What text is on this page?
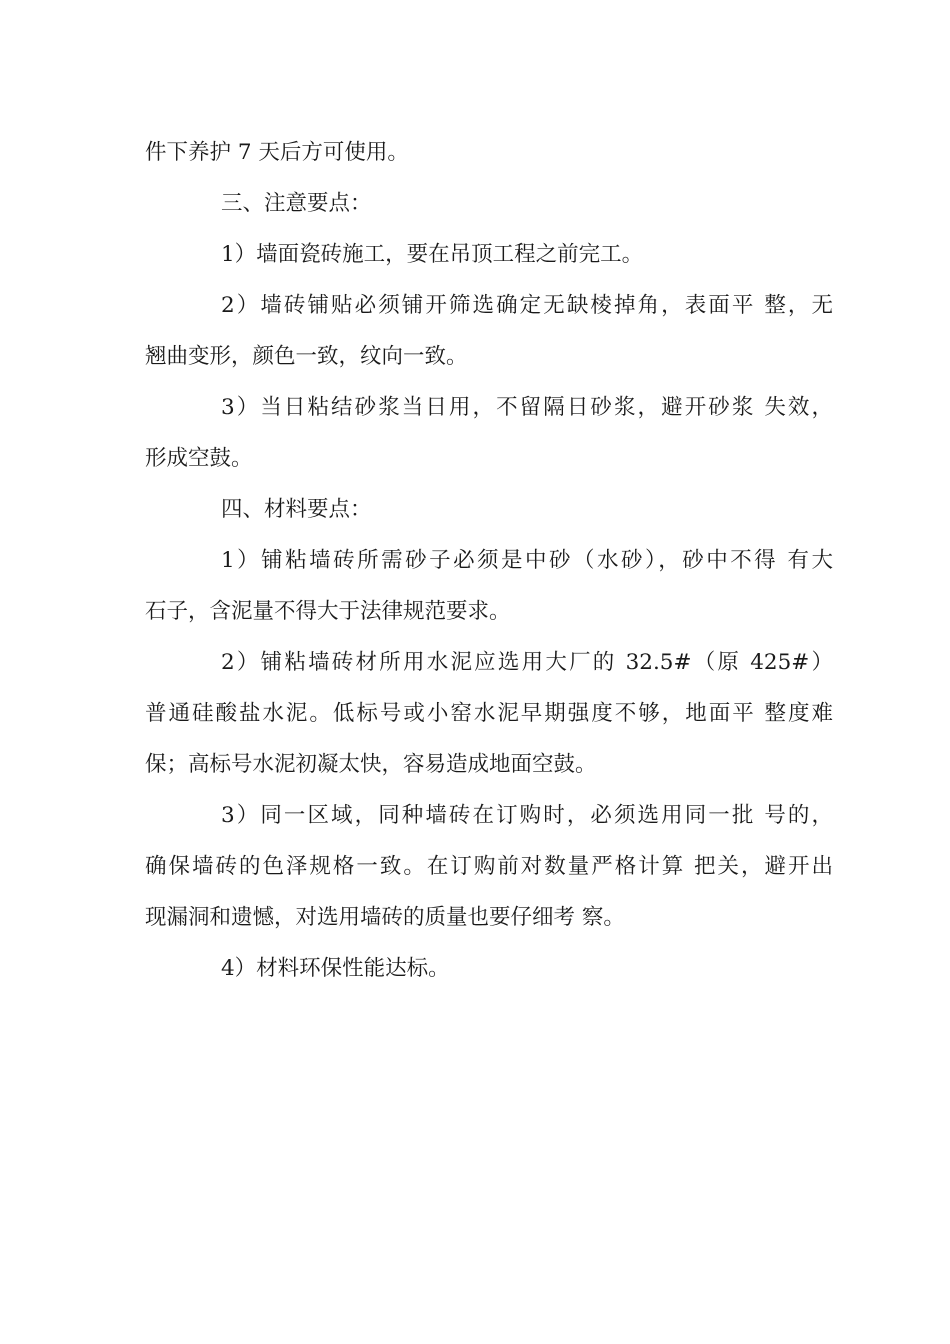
件下养护 7 天后方可使用。
三、注意要点：
1）墙面瓷砖施工，要在吊顶工程之前完工。
2）墙砖铺贴必须铺开筛选确定无缺棱掉角，表面平 整，无
翘曲变形，颜色一致，纹向一致。
3）当日粘结砂浆当日用，不留隔日砂浆，避开砂浆 失效，
形成空鼓。
四、材料要点：
1）铺粘墙砖所需砂子必须是中砂（水砂），砂中不得 有大
石子，含泥量不得大于法律规范要求。
2）铺粘墙砖材所用水泥应选用大厂的 32.5#（原 425#）
普通硅酸盐水泥。低标号或小窑水泥早期强度不够，地面平 整度难
保；高标号水泥初凝太快，容易造成地面空鼓。
3）同一区域，同种墙砖在订购时，必须选用同一批 号的，
确保墙砖的色泽规格一致。在订购前对数量严格计算 把关，避开出
现漏洞和遗憾，对选用墙砖的质量也要仔细考 察。
4）材料环保性能达标。
